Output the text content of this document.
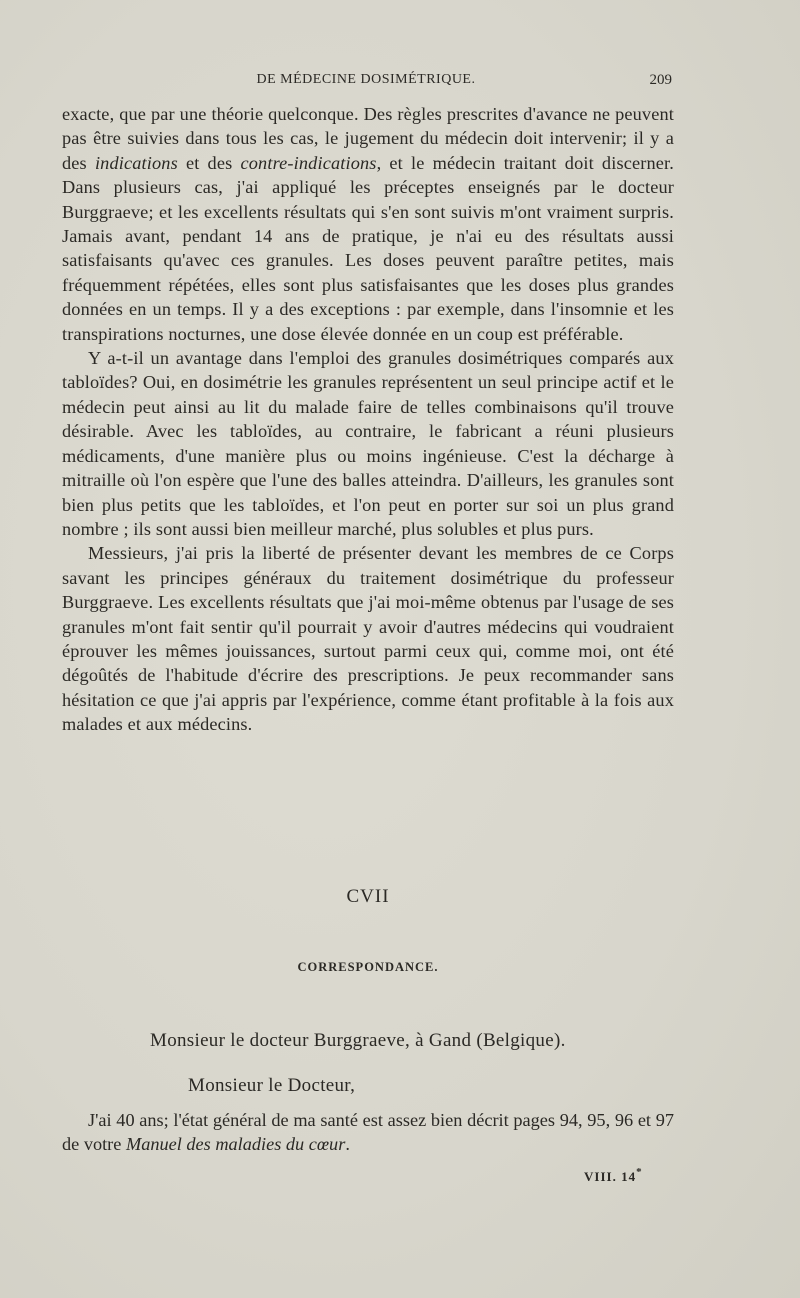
DE MÉDECINE DOSIMÉTRIQUE.	209

exacte, que par une théorie quelconque. Des règles prescrites d'avance ne peuvent pas être suivies dans tous les cas, le jugement du médecin doit intervenir; il y a des indications et des contre-indications, et le médecin traitant doit discerner. Dans plusieurs cas, j'ai appliqué les préceptes enseignés par le docteur Burggraeve; et les excellents résultats qui s'en sont suivis m'ont vraiment surpris. Jamais avant, pendant 14 ans de pratique, je n'ai eu des résultats aussi satisfaisants qu'avec ces granules. Les doses peuvent paraître petites, mais fréquemment répétées, elles sont plus satisfaisantes que les doses plus grandes données en un temps. Il y a des exceptions : par exemple, dans l'insomnie et les transpirations nocturnes, une dose élevée donnée en un coup est préférable.

Y a-t-il un avantage dans l'emploi des granules dosimétriques comparés aux tabloïdes? Oui, en dosimétrie les granules représentent un seul principe actif et le médecin peut ainsi au lit du malade faire de telles combinaisons qu'il trouve désirable. Avec les tabloïdes, au contraire, le fabricant a réuni plusieurs médicaments, d'une manière plus ou moins ingénieuse. C'est la décharge à mitraille où l'on espère que l'une des balles atteindra. D'ailleurs, les granules sont bien plus petits que les tabloïdes, et l'on peut en porter sur soi un plus grand nombre ; ils sont aussi bien meilleur marché, plus solubles et plus purs.

Messieurs, j'ai pris la liberté de présenter devant les membres de ce Corps savant les principes généraux du traitement dosimétrique du professeur Burggraeve. Les excellents résultats que j'ai moi-même obtenus par l'usage de ses granules m'ont fait sentir qu'il pourrait y avoir d'autres médecins qui voudraient éprouver les mêmes jouissances, surtout parmi ceux qui, comme moi, ont été dégoûtés de l'habitude d'écrire des prescriptions. Je peux recommander sans hésitation ce que j'ai appris par l'expérience, comme étant profitable à la fois aux malades et aux médecins.

CVII
CORRESPONDANCE.
Monsieur le docteur Burggraeve, à Gand (Belgique).
Monsieur le Docteur,

J'ai 40 ans; l'état général de ma santé est assez bien décrit pages 94, 95, 96 et 97 de votre Manuel des maladies du cœur.

VIII. 14*
